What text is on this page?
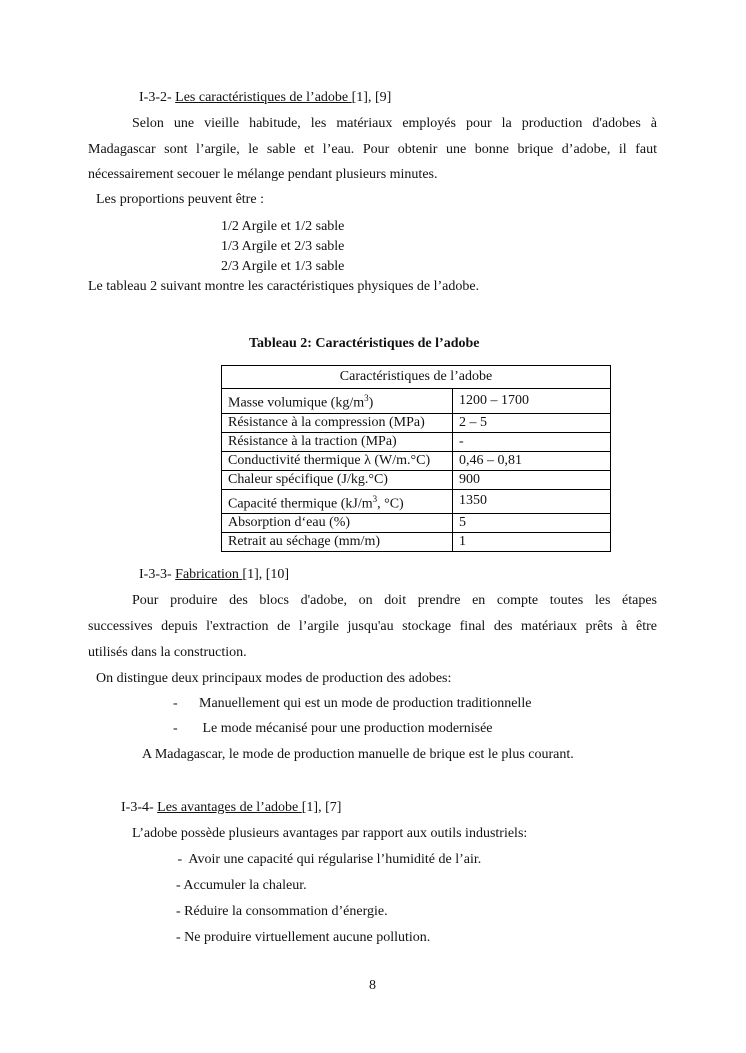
I-3-2- Les caractéristiques de l’adobe [1], [9]
Selon une vieille habitude, les matériaux employés pour la production d'adobes à
Madagascar sont l’argile, le sable et l’eau. Pour obtenir une bonne brique d’adobe, il faut
nécessairement secouer le mélange pendant plusieurs minutes.
Les proportions peuvent être :
1/2 Argile et 1/2 sable
1/3 Argile et 2/3 sable
2/3 Argile et 1/3 sable
Le tableau 2 suivant montre les caractéristiques physiques de l’adobe.
Tableau 2: Caractéristiques de l’adobe
Caractéristiques de l’adobe	
Masse volumique $(kg/m^3)$	1200 – 1700
Résistance à la compression (MPa)	2 – 5
Résistance à la traction (MPa)	-
Conductivité thermique λ (W/m.°C)	0,46 – 0,81
Chaleur spécifique (J/kg.°C)	900
Capacité thermique ($kJ/m^3$, °C)	1350
Absorption d‘eau (%)	5
Retrait au séchage (mm/m)	1
I-3-3- Fabrication [1], [10]
Pour produire des blocs d'adobe, on doit prendre en compte toutes les étapes
successives depuis l'extraction de l’argile jusqu'au stockage final des matériaux prêts à être
utilisés dans la construction.
On distingue deux principaux modes de production des adobes:
- Manuellement qui est un mode de production traditionnelle
- Le mode mécanisé pour une production modernisée
A Madagascar, le mode de production manuelle de brique est le plus courant.
I-3-4- Les avantages de l’adobe [1], [7]
L’adobe possède plusieurs avantages par rapport aux outils industriels:
-  Avoir une capacité qui régularise l’humidité de l’air.
- Accumuler la chaleur.
- Réduire la consommation d’énergie.
- Ne produire virtuellement aucune pollution.
8
